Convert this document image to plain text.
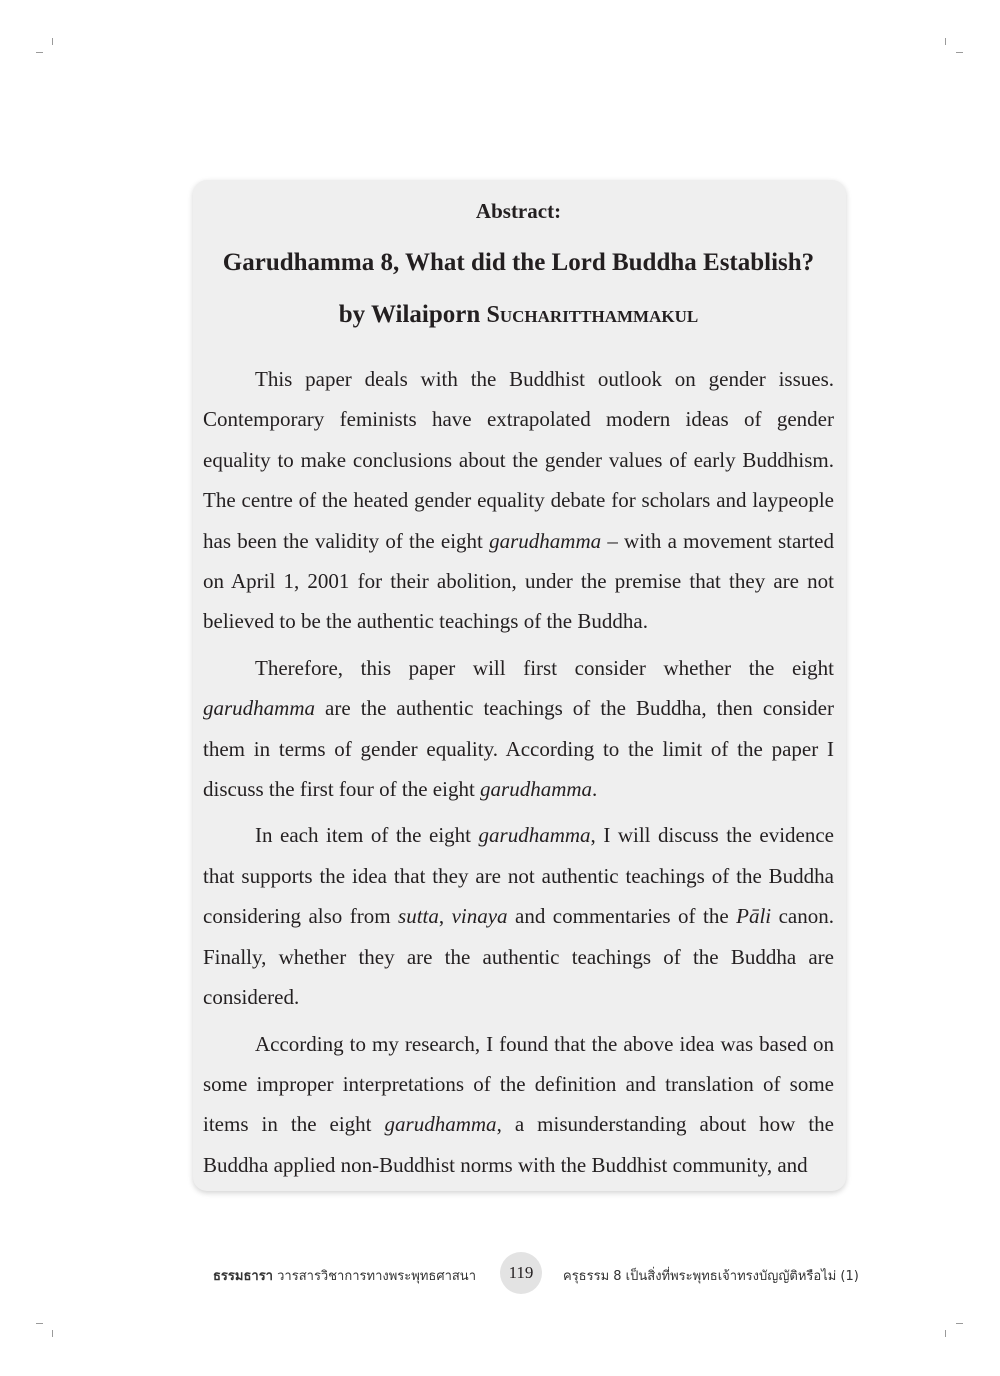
Abstract:
Garudhamma 8, What did the Lord Buddha Establish?
by Wilaiporn Sucharitthammakul

This paper deals with the Buddhist outlook on gender issues. Contemporary feminists have extrapolated modern ideas of gender equality to make conclusions about the gender values of early Buddhism. The centre of the heated gender equality debate for scholars and laypeople has been the validity of the eight garudhamma – with a movement started on April 1, 2001 for their abolition, under the premise that they are not believed to be the authentic teachings of the Buddha.

Therefore, this paper will first consider whether the eight garudhamma are the authentic teachings of the Buddha, then consider them in terms of gender equality. According to the limit of the paper I discuss the first four of the eight garudhamma.

In each item of the eight garudhamma, I will discuss the evidence that supports the idea that they are not authentic teachings of the Buddha considering also from sutta, vinaya and commentaries of the Pāli canon. Finally, whether they are the authentic teachings of the Buddha are considered.

According to my research, I found that the above idea was based on some improper interpretations of the definition and translation of some items in the eight garudhamma, a misunderstanding about how the Buddha applied non-Buddhist norms with the Buddhist community, and

ธรรมธารา วารสารวิชาการทางพระพุทธศาสนา	119	ครุธรรม 8 เป็นสิ่งที่พระพุทธเจ้าทรงบัญญัติหรือไม่ (1)
